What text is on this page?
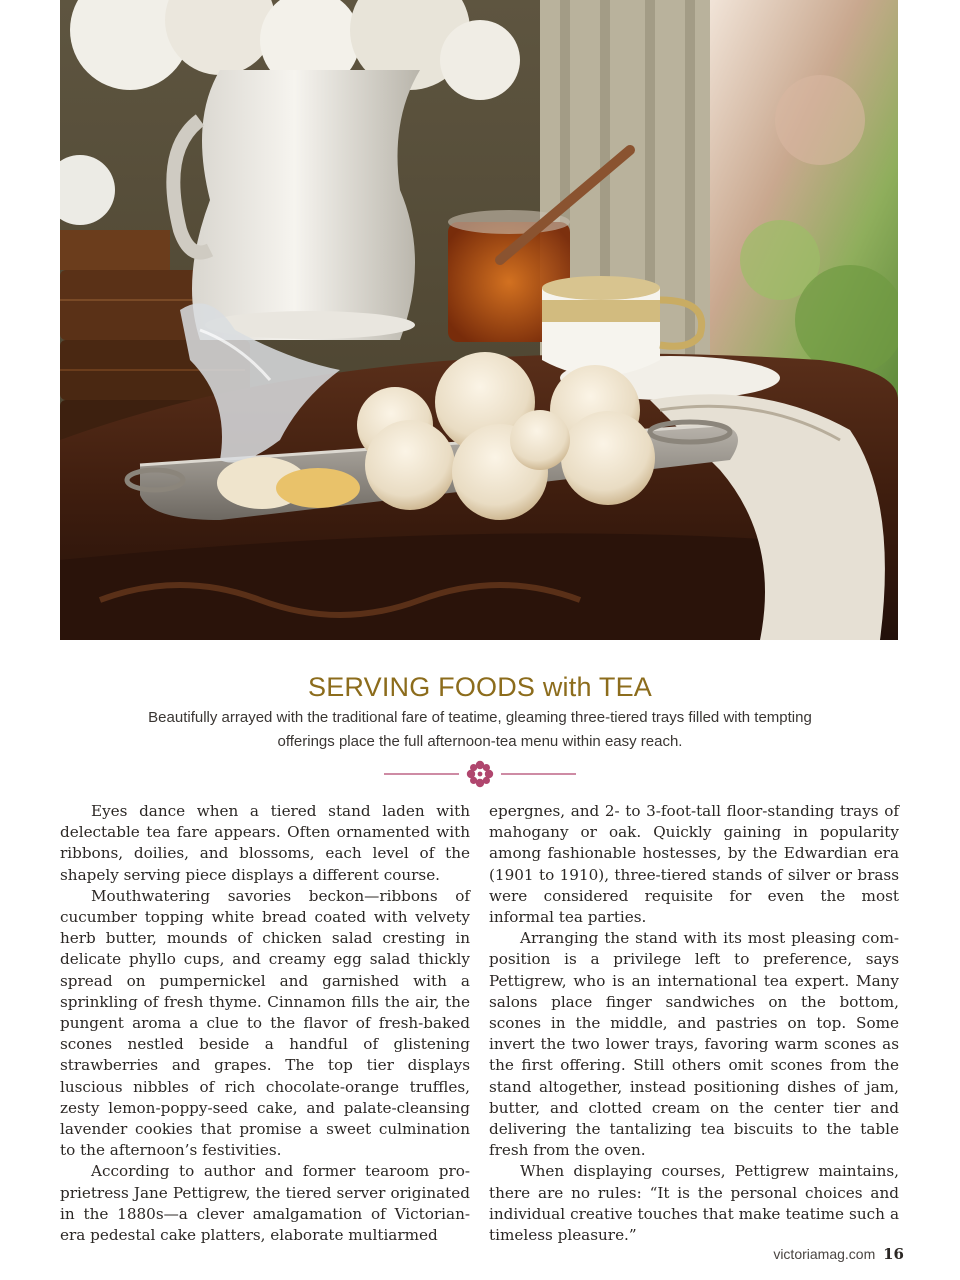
SERVING FOODS with TEA

Beautifully arrayed with the traditional fare of teatime, gleaming three-tiered trays filled with tempting offerings place the full afternoon-tea menu within easy reach.

Eyes dance when a tiered stand laden with delectable tea fare appears. Often ornamented with ribbons, doilies, and blossoms, each level of the shapely serving piece displays a different course.

Mouthwatering savories beckon—ribbons of cucumber topping white bread coated with velvety herb butter, mounds of chicken salad cresting in delicate phyllo cups, and creamy egg salad thickly spread on pumpernickel and garnished with a sprinkling of fresh thyme. Cinnamon fills the air, the pungent aroma a clue to the flavor of fresh-baked scones nestled beside a handful of glistening strawberries and grapes. The top tier displays luscious nibbles of rich chocolate-orange truffles, zesty lemon-poppy-seed cake, and palate-cleansing lavender cookies that promise a sweet culmination to the afternoon’s festivities.

According to author and former tearoom proprietress Jane Pettigrew, the tiered server originated in the 1880s—a clever amalgamation of Victorian-era pedestal cake platters, elaborate multiarmed

epergnes, and 2- to 3-foot-tall floor-standing trays of mahogany or oak. Quickly gaining in popularity among fashionable hostesses, by the Edwardian era (1901 to 1910), three-tiered stands of silver or brass were considered requisite for even the most informal tea parties.

Arranging the stand with its most pleasing composition is a privilege left to preference, says Pettigrew, who is an international tea expert. Many salons place finger sandwiches on the bottom, scones in the middle, and pastries on top. Some invert the two lower trays, favoring warm scones as the first offering. Still others omit scones from the stand altogether, instead positioning dishes of jam, butter, and clotted cream on the center tier and delivering the tantalizing tea biscuits to the table fresh from the oven.

When displaying courses, Pettigrew maintains, there are no rules: “It is the personal choices and individual creative touches that make teatime such a timeless pleasure.”

victoriamag.com 16
